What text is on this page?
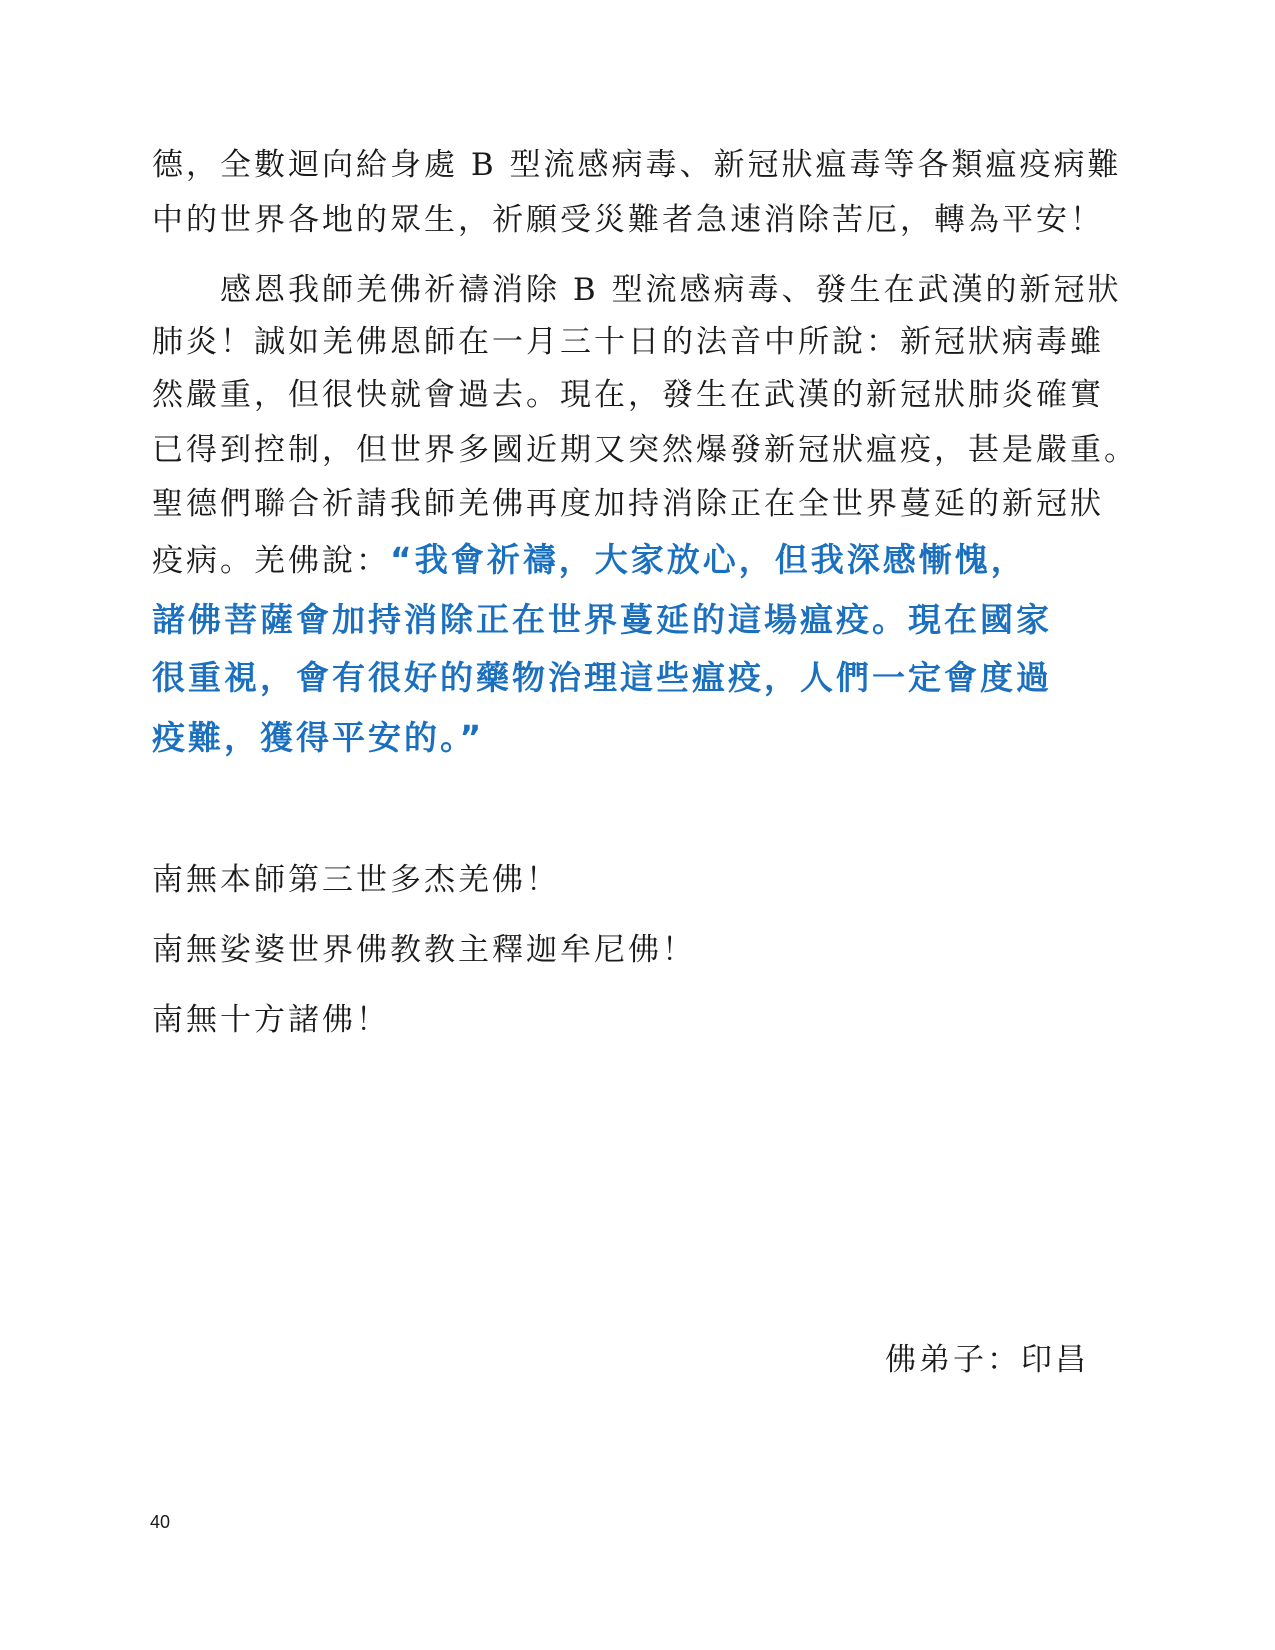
德，全數迴向給身處 B 型流感病毒、新冠狀瘟毒等各類瘟疫病難
中的世界各地的眾生，祈願受災難者急速消除苦厄，轉為平安！
　　感恩我師羌佛祈禱消除 B 型流感病毒、發生在武漢的新冠狀
肺炎！誠如羌佛恩師在一月三十日的法音中所說：新冠狀病毒雖
然嚴重，但很快就會過去。現在，發生在武漢的新冠狀肺炎確實
已得到控制，但世界多國近期又突然爆發新冠狀瘟疫，甚是嚴重。
聖德們聯合祈請我師羌佛再度加持消除正在全世界蔓延的新冠狀
疫病。羌佛說：“我會祈禱，大家放心，但我深感慚愧，
諸佛菩薩會加持消除正在世界蔓延的這場瘟疫。現在國家
很重視，會有很好的藥物治理這些瘟疫，人們一定會度過
疫難，獲得平安的。”
南無本師第三世多杰羌佛！
南無娑婆世界佛教教主釋迦牟尼佛！
南無十方諸佛！
佛弟子：印昌
40
